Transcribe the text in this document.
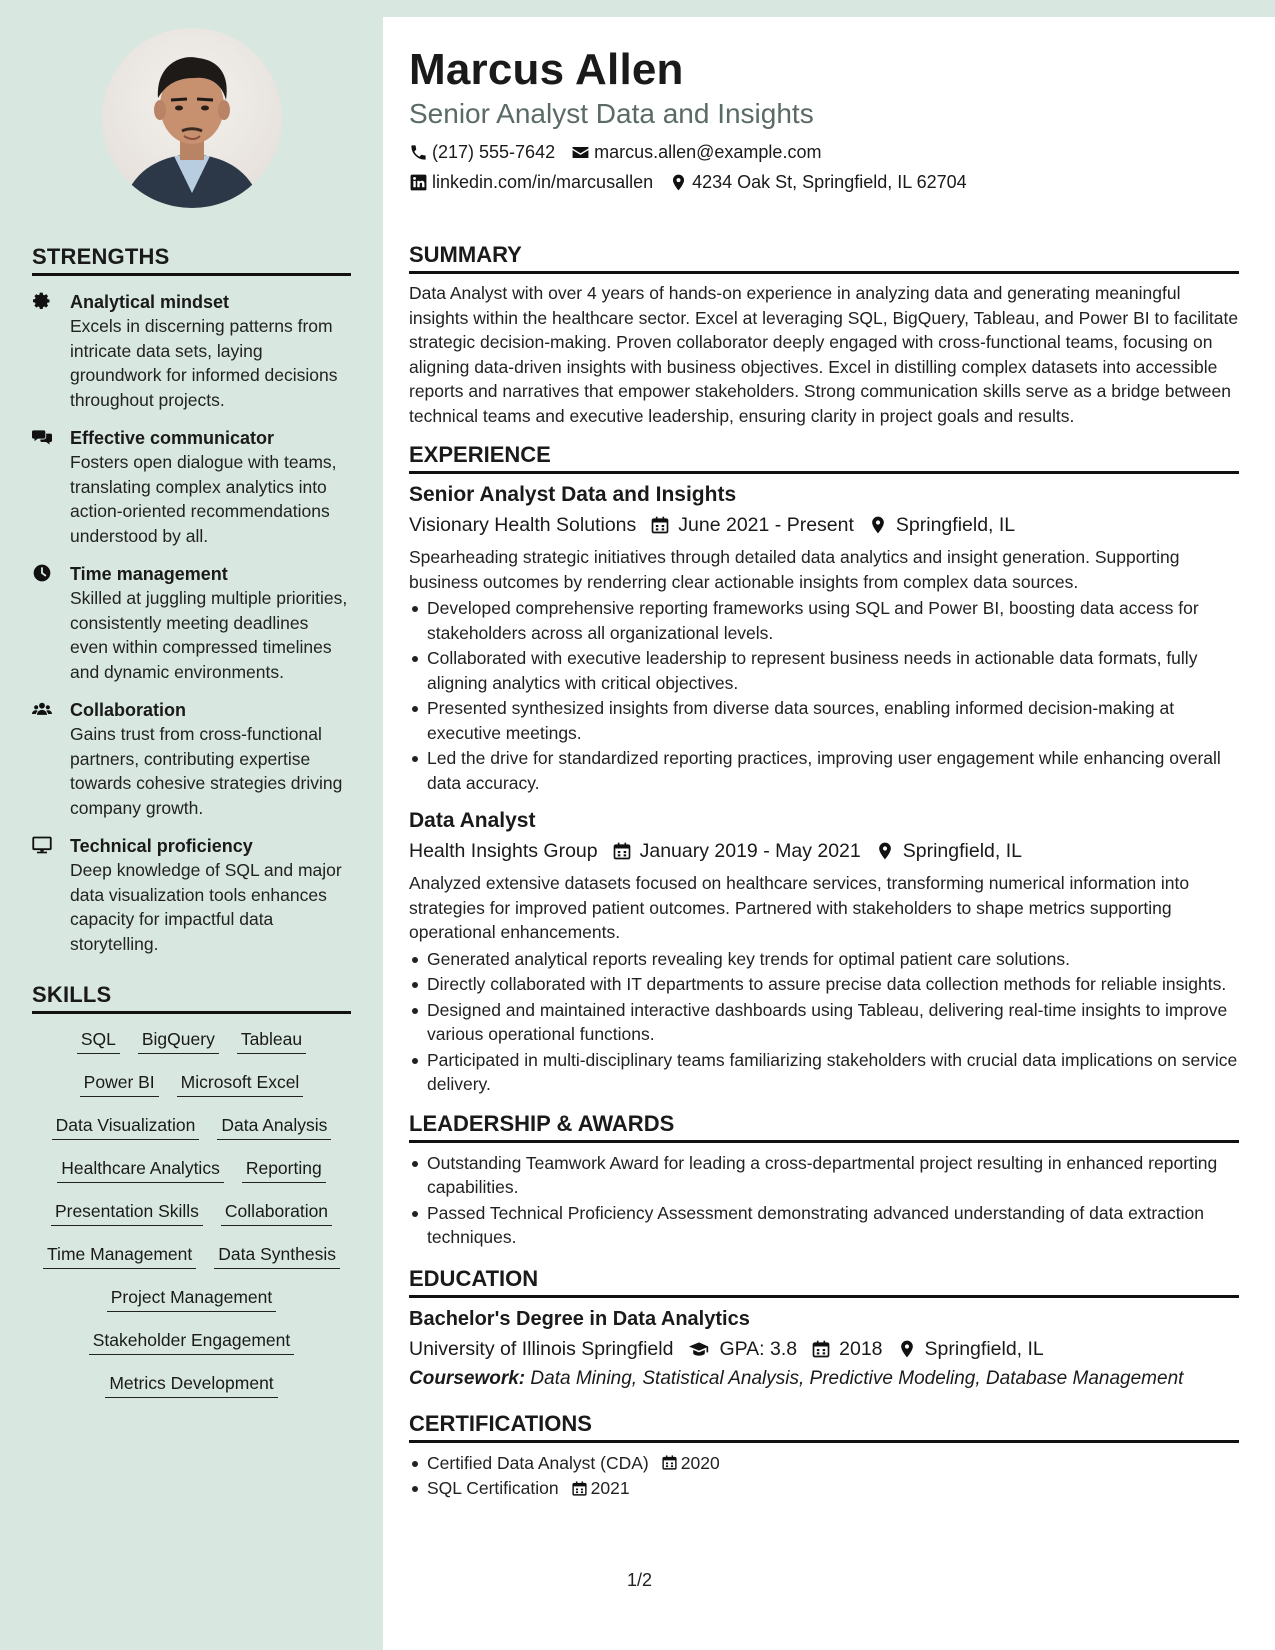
STRENGTHS
Analytical mindset
Excels in discerning patterns from intricate data sets, laying groundwork for informed decisions throughout projects.
Effective communicator
Fosters open dialogue with teams, translating complex analytics into action-oriented recommendations understood by all.
Time management
Skilled at juggling multiple priorities, consistently meeting deadlines even within compressed timelines and dynamic environments.
Collaboration
Gains trust from cross-functional partners, contributing expertise towards cohesive strategies driving company growth.
Technical proficiency
Deep knowledge of SQL and major data visualization tools enhances capacity for impactful data storytelling.
SKILLS
SQL BigQuery Tableau
Power BI Microsoft Excel
Data Visualization Data Analysis
Healthcare Analytics Reporting
Presentation Skills Collaboration
Time Management Data Synthesis
Project Management
Stakeholder Engagement
Metrics Development
Marcus Allen
Senior Analyst Data and Insights
(217) 555-7642 marcus.allen@example.com
linkedin.com/in/marcusallen 4234 Oak St, Springfield, IL 62704
SUMMARY

Data Analyst with over 4 years of hands-on experience in analyzing data and generating meaningful insights within the healthcare sector. Excel at leveraging SQL, BigQuery, Tableau, and Power BI to facilitate strategic decision-making. Proven collaborator deeply engaged with cross-functional teams, focusing on aligning data-driven insights with business objectives. Excel in distilling complex datasets into accessible reports and narratives that empower stakeholders. Strong communication skills serve as a bridge between technical teams and executive leadership, ensuring clarity in project goals and results.

EXPERIENCE
Senior Analyst Data and Insights
Visionary Health Solutions June 2021 - Present Springfield, IL

Spearheading strategic initiatives through detailed data analytics and insight generation. Supporting business outcomes by renderring clear actionable insights from complex data sources.

Developed comprehensive reporting frameworks using SQL and Power BI, boosting data access for stakeholders across all organizational levels.
Collaborated with executive leadership to represent business needs in actionable data formats, fully aligning analytics with critical objectives.
Presented synthesized insights from diverse data sources, enabling informed decision-making at executive meetings.
Led the drive for standardized reporting practices, improving user engagement while enhancing overall data accuracy.
Data Analyst
Health Insights Group January 2019 - May 2021 Springfield, IL

Analyzed extensive datasets focused on healthcare services, transforming numerical information into strategies for improved patient outcomes. Partnered with stakeholders to shape metrics supporting operational enhancements.

Generated analytical reports revealing key trends for optimal patient care solutions.
Directly collaborated with IT departments to assure precise data collection methods for reliable insights.
Designed and maintained interactive dashboards using Tableau, delivering real-time insights to improve various operational functions.
Participated in multi-disciplinary teams familiarizing stakeholders with crucial data implications on service delivery.
LEADERSHIP & AWARDS
Outstanding Teamwork Award for leading a cross-departmental project resulting in enhanced reporting capabilities.
Passed Technical Proficiency Assessment demonstrating advanced understanding of data extraction techniques.
EDUCATION
Bachelor's Degree in Data Analytics
University of Illinois Springfield GPA: 3.8 2018 Springfield, IL
Coursework: Data Mining, Statistical Analysis, Predictive Modeling, Database Management
CERTIFICATIONS
Certified Data Analyst (CDA) 2020
SQL Certification 2021
1/2
